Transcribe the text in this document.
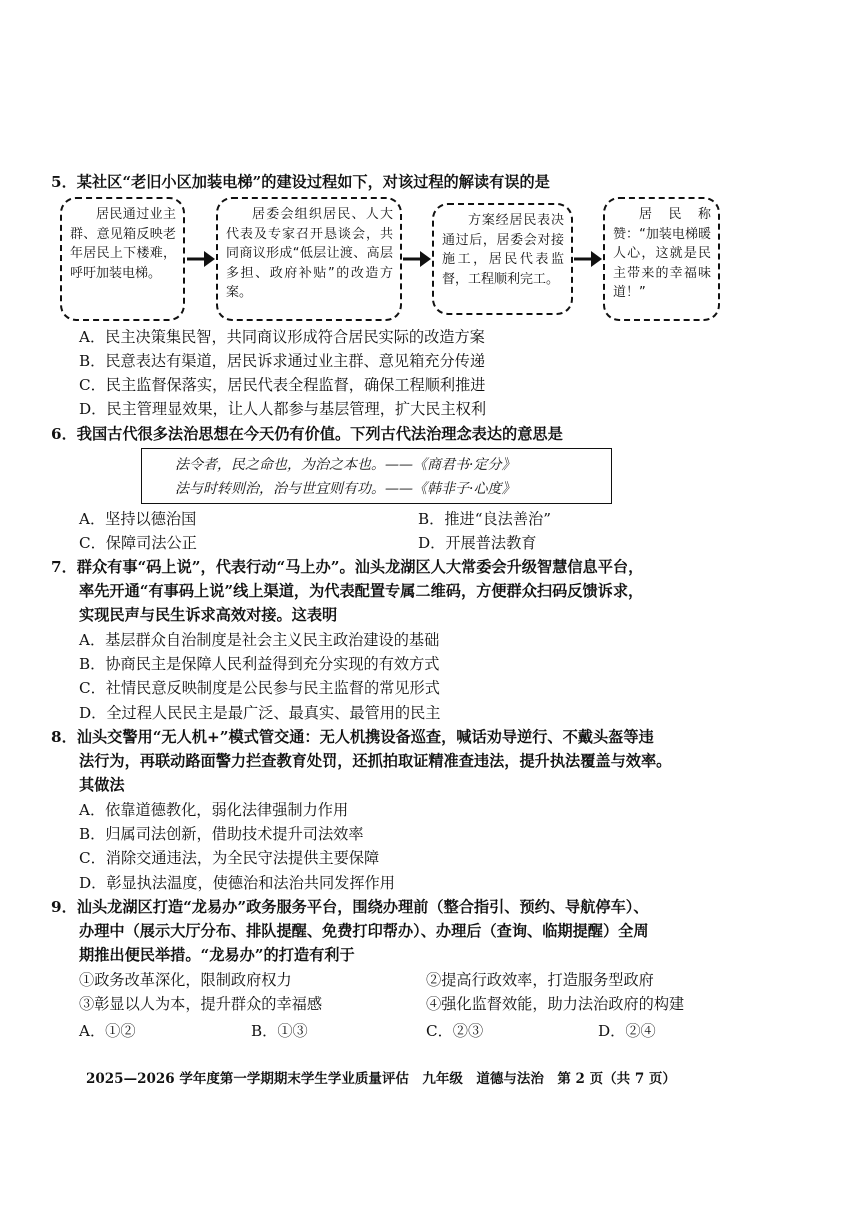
5．某社区“老旧小区加装电梯”的建设过程如下，对该过程的解读有误的是
居民通过业主群、意见箱反映老年居民上下楼难，呼吁加装电梯。
居委会组织居民、人大代表及专家召开恳谈会，共同商议形成“低层让渡、高层多担、政府补贴”的改造方案。
方案经居民表决通过后，居委会对接施工，居民代表监督，工程顺利完工。
居民称赞：“加装电梯暖人心，这就是民主带来的幸福味道！”
A．民主决策集民智，共同商议形成符合居民实际的改造方案
B．民意表达有渠道，居民诉求通过业主群、意见箱充分传递
C．民主监督保落实，居民代表全程监督，确保工程顺利推进
D．民主管理显效果，让人人都参与基层管理，扩大民主权利
6．我国古代很多法治思想在今天仍有价值。下列古代法治理念表达的意思是
法令者，民之命也，为治之本也。——《商君书·定分》
法与时转则治，治与世宜则有功。——《韩非子·心度》
A．坚持以德治国	B．推进“良法善治”
C．保障司法公正	D．开展普法教育
7．群众有事“码上说”，代表行动“马上办”。汕头龙湖区人大常委会升级智慧信息平台，
率先开通“有事码上说”线上渠道，为代表配置专属二维码，方便群众扫码反馈诉求，
实现民声与民生诉求高效对接。这表明
A．基层群众自治制度是社会主义民主政治建设的基础
B．协商民主是保障人民利益得到充分实现的有效方式
C．社情民意反映制度是公民参与民主监督的常见形式
D．全过程人民民主是最广泛、最真实、最管用的民主
8．汕头交警用“无人机+”模式管交通：无人机携设备巡查，喊话劝导逆行、不戴头盔等违
法行为，再联动路面警力拦查教育处罚，还抓拍取证精准查违法，提升执法覆盖与效率。
其做法
A．依靠道德教化，弱化法律强制力作用
B．归属司法创新，借助技术提升司法效率
C．消除交通违法，为全民守法提供主要保障
D．彰显执法温度，使德治和法治共同发挥作用
9．汕头龙湖区打造“龙易办”政务服务平台，围绕办理前（整合指引、预约、导航停车）、
办理中（展示大厅分布、排队提醒、免费打印帮办）、办理后（查询、临期提醒）全周
期推出便民举措。“龙易办”的打造有利于
①政务改革深化，限制政府权力	②提高行政效率，打造服务型政府
③彰显以人为本，提升群众的幸福感	④强化监督效能，助力法治政府的构建
A．①②	B．①③	C．②③	D．②④
2025—2026 学年度第一学期期末学生学业质量评估　九年级　道德与法治　第 2 页（共 7 页）
